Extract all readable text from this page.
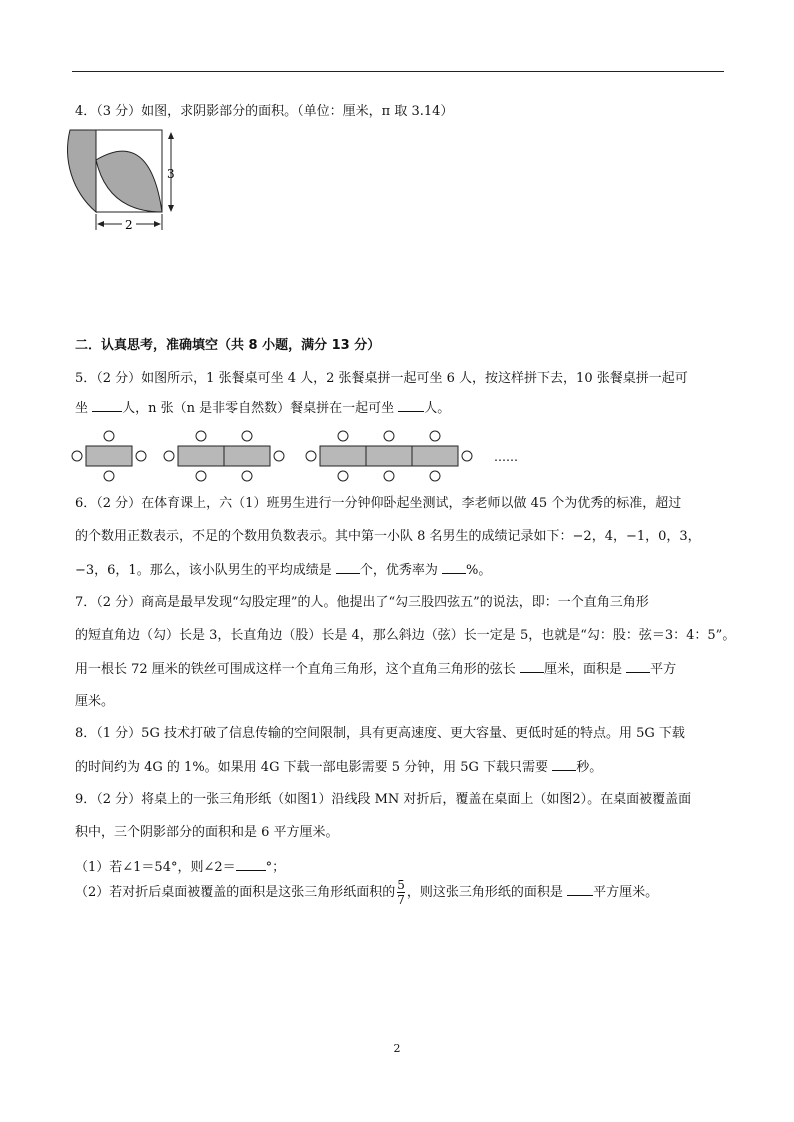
4．（3 分）如图，求阴影部分的面积。（单位：厘米，π 取 3.14）
3
2
二．认真思考，准确填空（共 8 小题，满分 13 分）
5．（2 分）如图所示，1 张餐桌可坐 4 人，2 张餐桌拼一起可坐 6 人，按这样拼下去，10 张餐桌拼一起可
坐 人，n 张（n 是非零自然数）餐桌拼在一起可坐 人。
……
6．（2 分）在体育课上，六（1）班男生进行一分钟仰卧起坐测试，李老师以做 45 个为优秀的标准，超过
的个数用正数表示，不足的个数用负数表示。其中第一小队 8 名男生的成绩记录如下：−2，4，−1，0，3，
−3，6，1。那么，该小队男生的平均成绩是 个，优秀率为 %。
7．（2 分）商高是最早发现“勾股定理”的人。他提出了“勾三股四弦五”的说法，即：一个直角三角形
的短直角边（勾）长是 3，长直角边（股）长是 4，那么斜边（弦）长一定是 5，也就是“勾：股：弦＝3：4：5”。
用一根长 72 厘米的铁丝可围成这样一个直角三角形，这个直角三角形的弦长 厘米，面积是 平方
厘米。
8．（1 分）5G 技术打破了信息传输的空间限制，具有更高速度、更大容量、更低时延的特点。用 5G 下载
的时间约为 4G 的 1%。如果用 4G 下载一部电影需要 5 分钟，用 5G 下载只需要 秒。
9．（2 分）将桌上的一张三角形纸（如图1）沿线段 MN 对折后，覆盖在桌面上（如图2）。在桌面被覆盖面
积中，三个阴影部分的面积和是 6 平方厘米。
（1）若∠1＝54°，则∠2＝ °；
（2）若对折后桌面被覆盖的面积是这张三角形纸面积的 $\frac{5}{7}$ ，则这张三角形纸的面积是 平方厘米。
2
